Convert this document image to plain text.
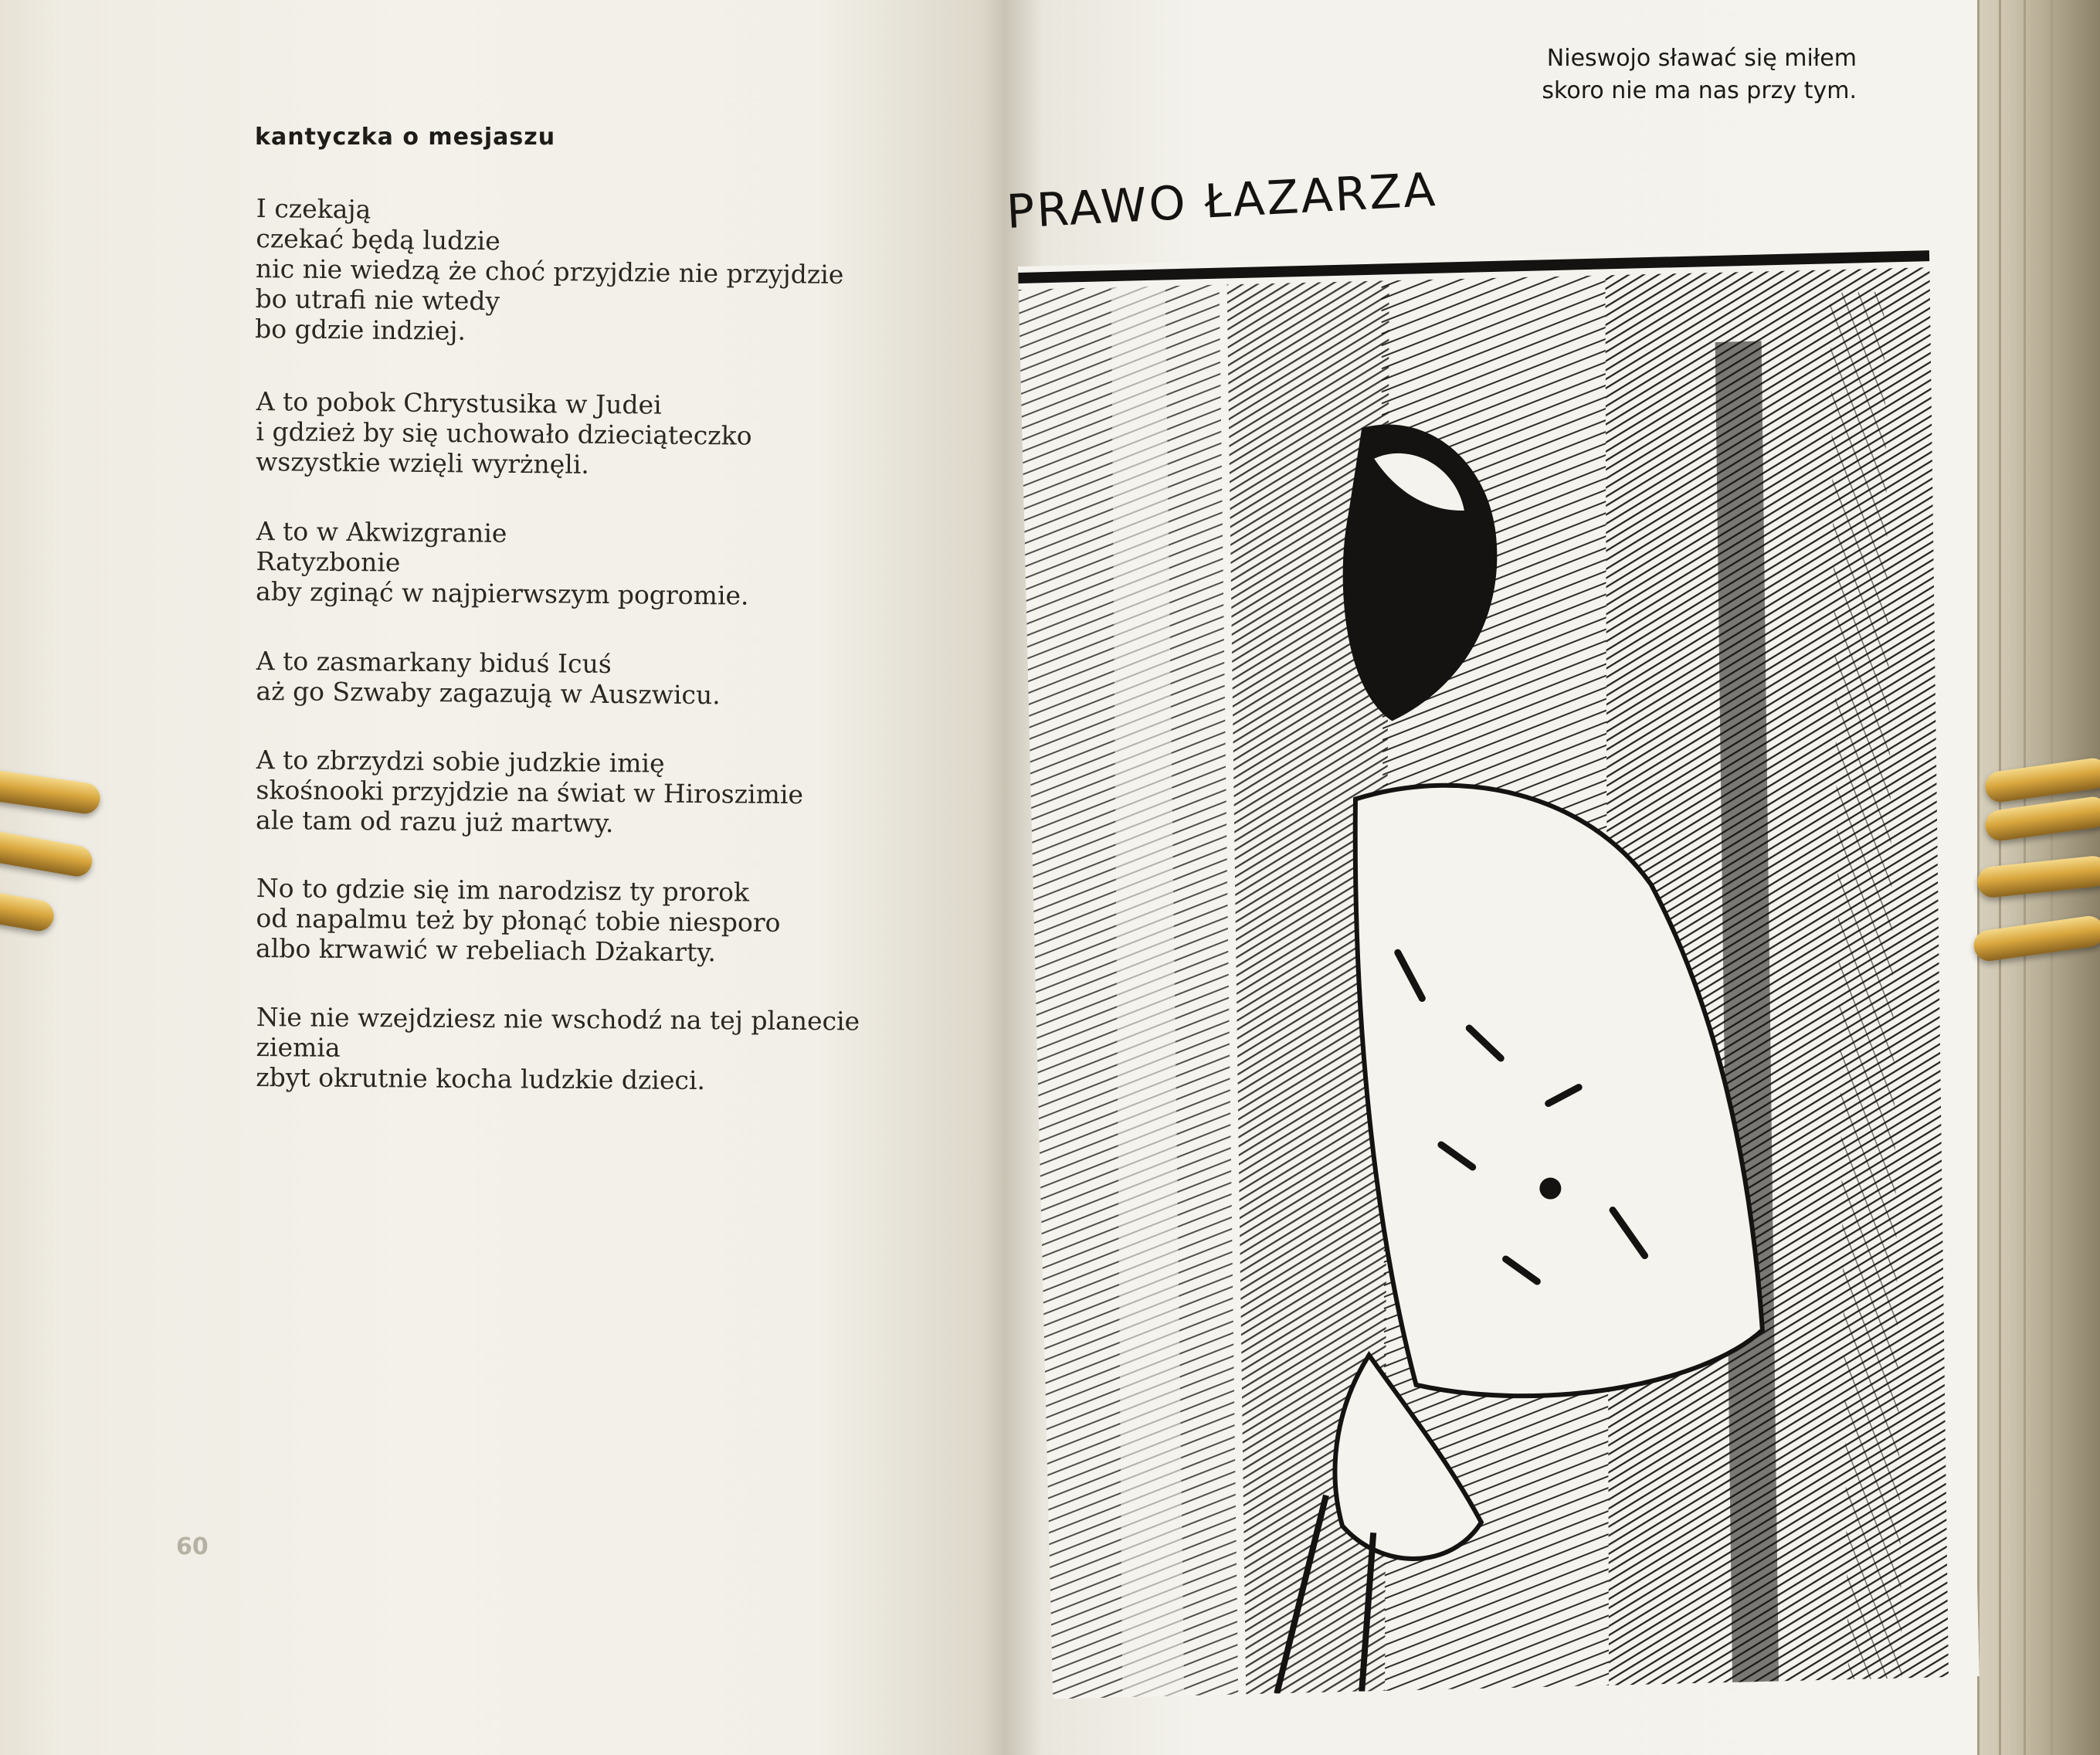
kantyczka o mesjaszu
I czekają
czekać będą ludzie
nic nie wiedzą że choć przyjdzie nie przyjdzie
bo utrafi nie wtedy
bo gdzie indziej.
A to pobok Chrystusika w Judei
i gdzież by się uchowało dzieciąteczko
wszystkie wzięli wyrżnęli.
A to w Akwizgranie
Ratyzbonie
aby zginąć w najpierwszym pogromie.
A to zasmarkany biduś Icuś
aż go Szwaby zagazują w Auszwicu.
A to zbrzydzi sobie judzkie imię
skośnooki przyjdzie na świat w Hiroszimie
ale tam od razu już martwy.
No to gdzie się im narodzisz ty prorok
od napalmu też by płonąć tobie niesporo
albo krwawić w rebeliach Dżakarty.
Nie nie wzejdziesz nie wschodź na tej planecie
ziemia
zbyt okrutnie kocha ludzkie dzieci.
60
Nieswojo sławać się miłem
skoro nie ma nas przy tym.
PRAWO ŁAZARZA
